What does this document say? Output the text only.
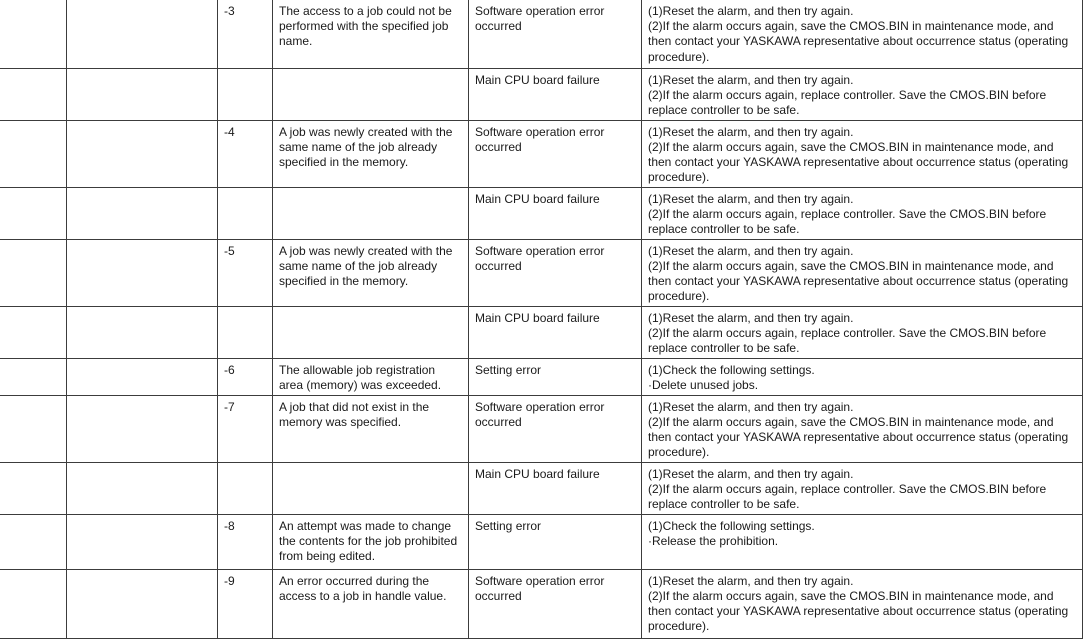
		-3	The access to a job could not be performed with the specified job name.	Software operation error occurred	(1)Reset the alarm, and then try again.
(2)If the alarm occurs again, save the CMOS.BIN in maintenance mode, and then contact your YASKAWA representative about occurrence status (operating procedure).
				Main CPU board failure	(1)Reset the alarm, and then try again.
(2)If the alarm occurs again, replace controller. Save the CMOS.BIN before replace controller to be safe.
		-4	A job was newly created with the same name of the job already specified in the memory.	Software operation error occurred	(1)Reset the alarm, and then try again.
(2)If the alarm occurs again, save the CMOS.BIN in maintenance mode, and then contact your YASKAWA representative about occurrence status (operating procedure).
				Main CPU board failure	(1)Reset the alarm, and then try again.
(2)If the alarm occurs again, replace controller. Save the CMOS.BIN before replace controller to be safe.
		-5	A job was newly created with the same name of the job already specified in the memory.	Software operation error occurred	(1)Reset the alarm, and then try again.
(2)If the alarm occurs again, save the CMOS.BIN in maintenance mode, and then contact your YASKAWA representative about occurrence status (operating procedure).
				Main CPU board failure	(1)Reset the alarm, and then try again.
(2)If the alarm occurs again, replace controller. Save the CMOS.BIN before replace controller to be safe.
		-6	The allowable job registration area (memory) was exceeded.	Setting error	(1)Check the following settings.
·Delete unused jobs.
		-7	A job that did not exist in the memory was specified.	Software operation error occurred	(1)Reset the alarm, and then try again.
(2)If the alarm occurs again, save the CMOS.BIN in maintenance mode, and then contact your YASKAWA representative about occurrence status (operating procedure).
				Main CPU board failure	(1)Reset the alarm, and then try again.
(2)If the alarm occurs again, replace controller. Save the CMOS.BIN before replace controller to be safe.
		-8	An attempt was made to change the contents for the job prohibited from being edited.	Setting error	(1)Check the following settings.
·Release the prohibition.
		-9	An error occurred during the access to a job in handle value.	Software operation error occurred	(1)Reset the alarm, and then try again.
(2)If the alarm occurs again, save the CMOS.BIN in maintenance mode, and then contact your YASKAWA representative about occurrence status (operating procedure).
